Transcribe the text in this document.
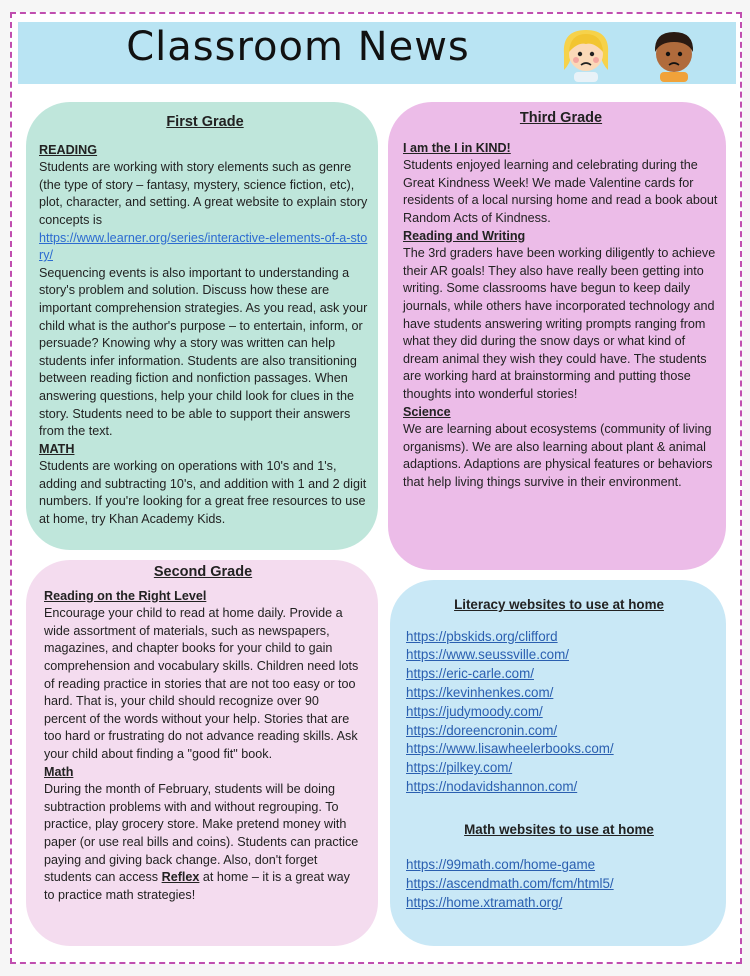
Classroom News
First Grade
READING
Students are working with story elements such as genre (the type of story – fantasy, mystery, science fiction, etc), plot, character, and setting. A great website to explain story concepts is
https://www.learner.org/series/interactive-elements-of-a-story/
Sequencing events is also important to understanding a story's problem and solution. Discuss how these are important comprehension strategies. As you read, ask your child what is the author's purpose – to entertain, inform, or persuade? Knowing why a story was written can help students infer information. Students are also transitioning between reading fiction and nonfiction passages. When answering questions, help your child look for clues in the story. Students need to be able to support their answers from the text.
MATH
Students are working on operations with 10's and 1's, adding and subtracting 10's, and addition with 1 and 2 digit numbers. If you're looking for a great free resources to use at home, try Khan Academy Kids.
Third Grade
I am the I in KIND!
Students enjoyed learning and celebrating during the Great Kindness Week! We made Valentine cards for residents of a local nursing home and read a book about Random Acts of Kindness.
Reading and Writing
The 3rd graders have been working diligently to achieve their AR goals! They also have really been getting into writing. Some classrooms have begun to keep daily journals, while others have incorporated technology and have students answering writing prompts ranging from what they did during the snow days or what kind of dream animal they wish they could have. The students are working hard at brainstorming and putting those thoughts into wonderful stories!
Science
We are learning about ecosystems (community of living organisms). We are also learning about plant & animal adaptions. Adaptions are physical features or behaviors that help living things survive in their environment.
Second Grade
Reading on the Right Level
Encourage your child to read at home daily. Provide a wide assortment of materials, such as newspapers, magazines, and chapter books for your child to gain comprehension and vocabulary skills. Children need lots of reading practice in stories that are not too easy or too hard. That is, your child should recognize over 90 percent of the words without your help. Stories that are too hard or frustrating do not advance reading skills. Ask your child about finding a "good fit" book.
Math
During the month of February, students will be doing subtraction problems with and without regrouping. To practice, play grocery store. Make pretend money with paper (or use real bills and coins). Students can practice paying and giving back change. Also, don't forget students can access Reflex at home – it is a great way to practice math strategies!
Literacy websites to use at home
https://pbskids.org/clifford
https://www.seussville.com/
https://eric-carle.com/
https://kevinhenkes.com/
https://judymoody.com/
https://doreencronin.com/
https://www.lisawheelerbooks.com/
https://pilkey.com/
https://nodavidshannon.com/
Math websites to use at home
https://99math.com/home-game
https://ascendmath.com/fcm/html5/
https://home.xtramath.org/
